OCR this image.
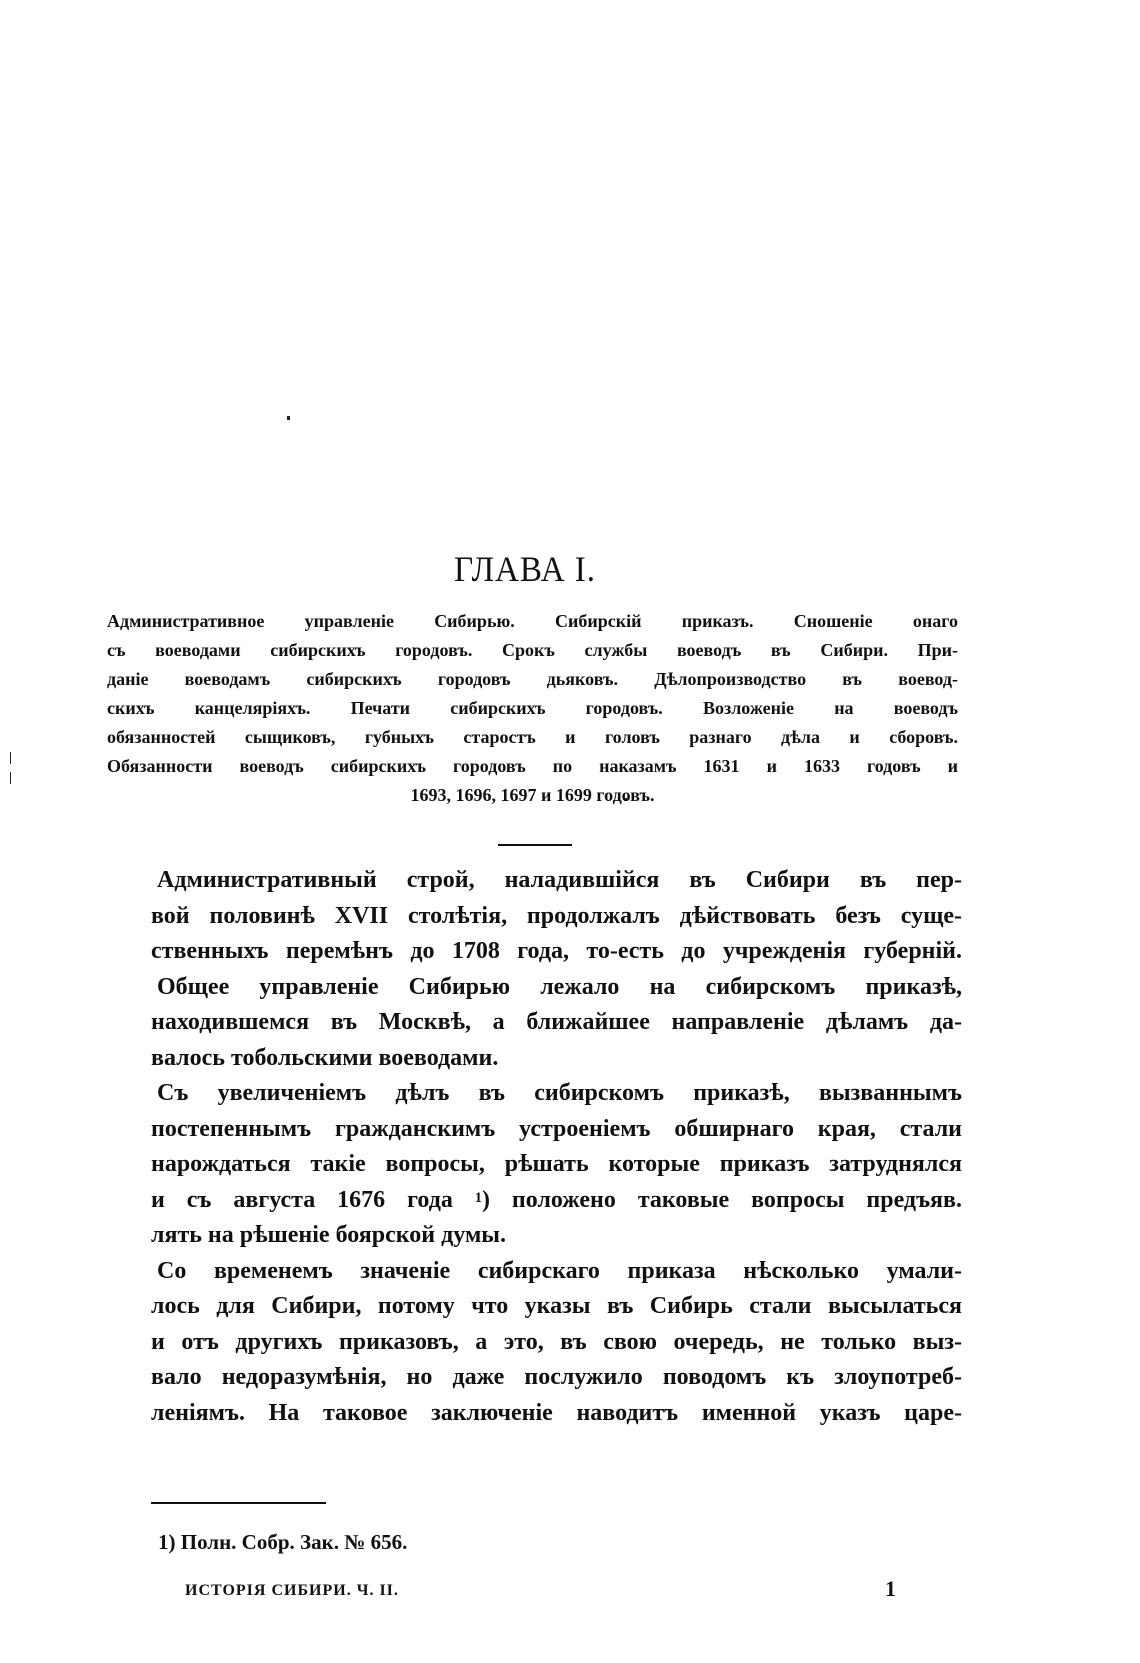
ГЛАВА I.
Административное управленіе Сибирью. Сибирскій приказъ. Сношеніе онаго
съ воеводами сибирскихъ городовъ. Срокъ службы воеводъ въ Сибири. При-
даніе воеводамъ сибирскихъ городовъ дьяковъ. Дѣлопроизводство въ воевод-
скихъ канцеляріяхъ. Печати сибирскихъ городовъ. Возложеніе на воеводъ
обязанностей сыщиковъ, губныхъ старостъ и головъ разнаго дѣла и сборовъ.
Обязанности воеводъ сибирскихъ городовъ по наказамъ 1631 и 1633 годовъ и
1693, 1696, 1697 и 1699 годовъ.
Административный строй, наладившійся въ Сибири въ пер-
вой половинѣ XVII столѣтія, продолжалъ дѣйствовать безъ суще-
ственныхъ перемѣнъ до 1708 года, то-есть до учрежденія губерній.
Общее управленіе Сибирью лежало на сибирскомъ приказѣ,
находившемся въ Москвѣ, а ближайшее направленіе дѣламъ да-
валось тобольскими воеводами.
Съ увеличеніемъ дѣлъ въ сибирскомъ приказѣ, вызваннымъ
постепеннымъ гражданскимъ устроеніемъ обширнаго края, стали
нарождаться такіе вопросы, рѣшать которые приказъ затруднялся
и съ августа 1676 года $^1$) положено таковые вопросы предъяв.
лять на рѣшеніе боярской думы.
Со временемъ значеніе сибирскаго приказа нѣсколько умали-
лось для Сибири, потому что указы въ Сибирь стали высылаться
и отъ другихъ приказовъ, а это, въ свою очередь, не только выз-
вало недоразумѣнія, но даже послужило поводомъ къ злоупотреб-
леніямъ. На таковое заключеніе наводитъ именной указъ царе-
1) Полн. Собр. Зак. № 656.
ИСТОРІЯ СИБИРИ. Ч. II.	1
